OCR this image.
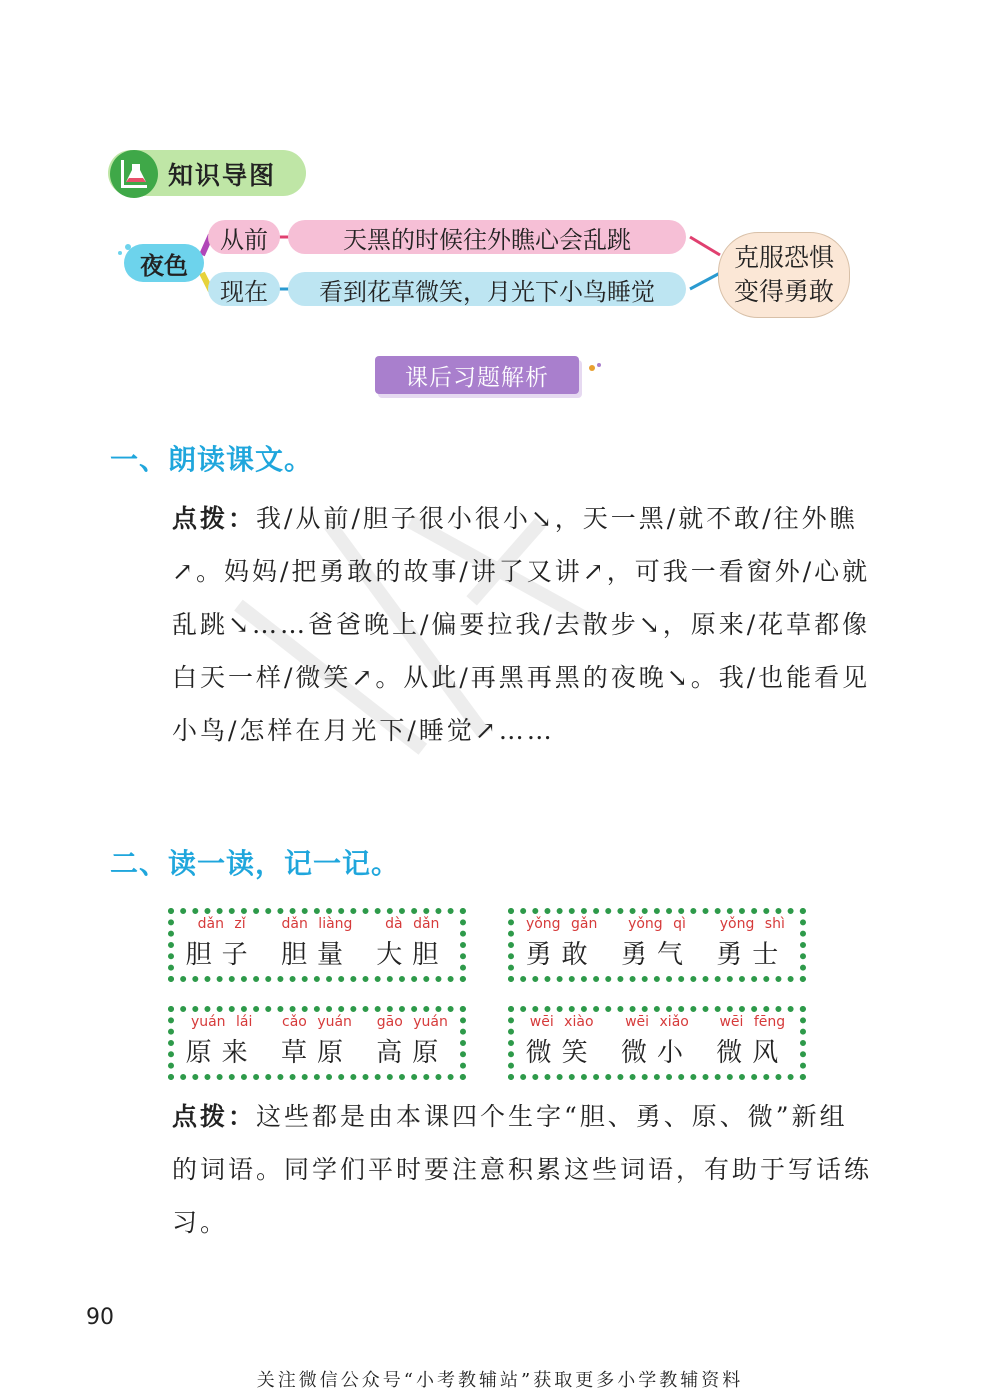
知识导图
夜色
从前	天黑的时候往外瞧心会乱跳
现在	看到花草微笑，月光下小鸟睡觉
克服恐惧
变得勇敢
课后习题解析
一、朗读课文。
点拨：我/从前/胆子很小很小↘，天一黑/就不敢/往外瞧↗。妈妈/把勇敢的故事/讲了又讲↗，可我一看窗外/心就乱跳↘……爸爸晚上/偏要拉我/去散步↘，原来/花草都像白天一样/微笑↗。从此/再黑再黑的夜晚↘。我/也能看见小鸟/怎样在月光下/睡觉↗……
二、读一读，记一记。
dǎn zǐ
胆子
dǎn liàng
胆量
dà dǎn
大胆
yǒng gǎn
勇敢
yǒng qì
勇气
yǒng shì
勇士
yuán lái
原来
cǎo yuán
草原
gāo yuán
高原
wēi xiào
微笑
wēi xiǎo
微小
wēi fēng
微风
点拨：这些都是由本课四个生字“胆、勇、原、微”新组的词语。同学们平时要注意积累这些词语，有助于写话练习。
90
关注微信公众号“小考教辅站”获取更多小学教辅资料
